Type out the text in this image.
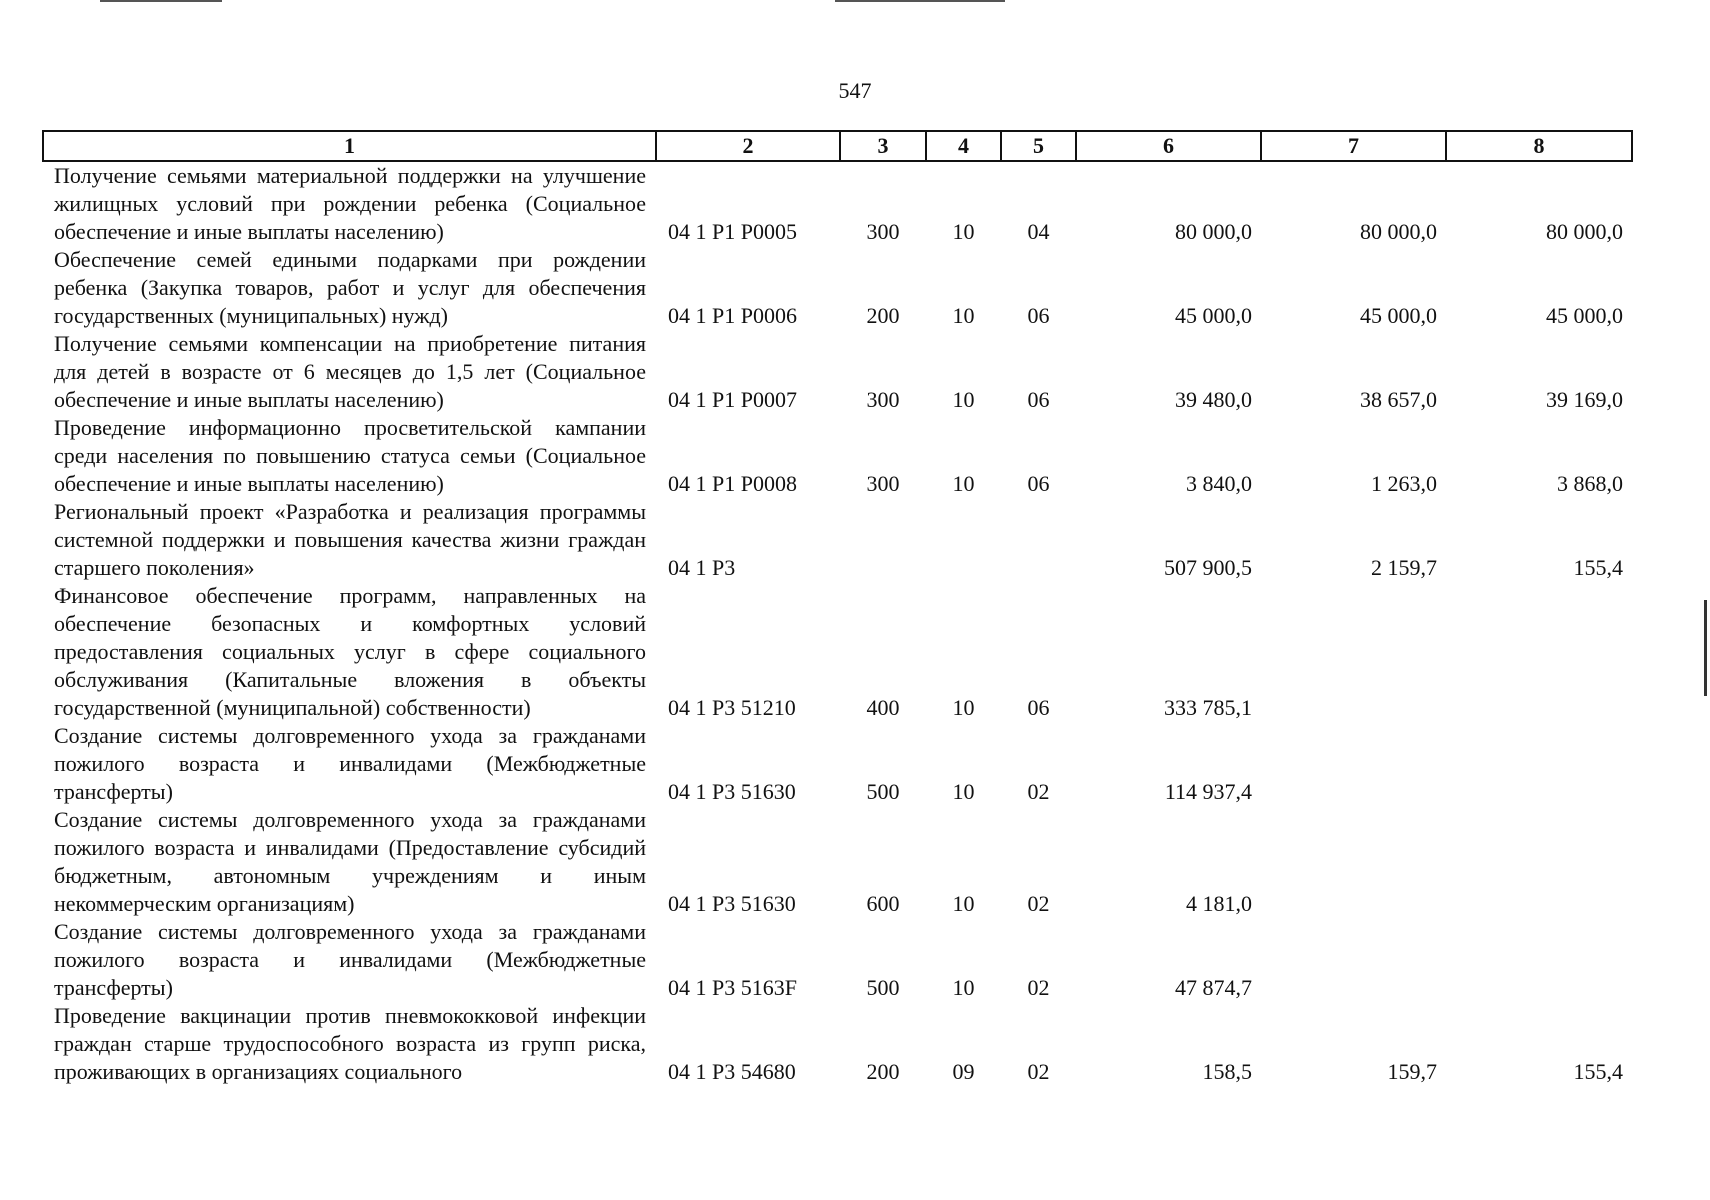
547
1	2	3	4	5	6	7	8
Получение семьями материальной поддержки на улучшение жилищных условий при рождении ребенка (Социальное обеспечение и иные выплаты населению)	04 1 P1 P0005	300	10	04	80 000,0	80 000,0	80 000,0
Обеспечение семей едиными подарками при рождении ребенка (Закупка товаров, работ и услуг для обеспечения государственных (муниципальных) нужд)	04 1 P1 P0006	200	10	06	45 000,0	45 000,0	45 000,0
Получение семьями компенсации на приобретение питания для детей в возрасте от 6 месяцев до 1,5 лет (Социальное обеспечение и иные выплаты населению)	04 1 P1 P0007	300	10	06	39 480,0	38 657,0	39 169,0
Проведение информационно просветительской кампании среди населения по повышению статуса семьи (Социальное обеспечение и иные выплаты населению)	04 1 P1 P0008	300	10	06	3 840,0	1 263,0	3 868,0
Региональный проект «Разработка и реализация программы системной поддержки и повышения качества жизни граждан старшего поколения»	04 1 P3				507 900,5	2 159,7	155,4
Финансовое обеспечение программ, направленных на обеспечение безопасных и комфортных условий предоставления социальных услуг в сфере социального обслуживания (Капитальные вложения в объекты государственной (муниципальной) собственности)	04 1 P3 51210	400	10	06	333 785,1		
Создание системы долговременного ухода за гражданами пожилого возраста и инвалидами (Межбюджетные трансферты)	04 1 P3 51630	500	10	02	114 937,4		
Создание системы долговременного ухода за гражданами пожилого возраста и инвалидами (Предоставление субсидий бюджетным, автономным учреждениям и иным некоммерческим организациям)	04 1 P3 51630	600	10	02	4 181,0		
Создание системы долговременного ухода за гражданами пожилого возраста и инвалидами (Межбюджетные трансферты)	04 1 P3 5163F	500	10	02	47 874,7		
Проведение вакцинации против пневмококковой инфекции граждан старше трудоспособного возраста из групп риска, проживающих в организациях социального	04 1 P3 54680	200	09	02	158,5	159,7	155,4
